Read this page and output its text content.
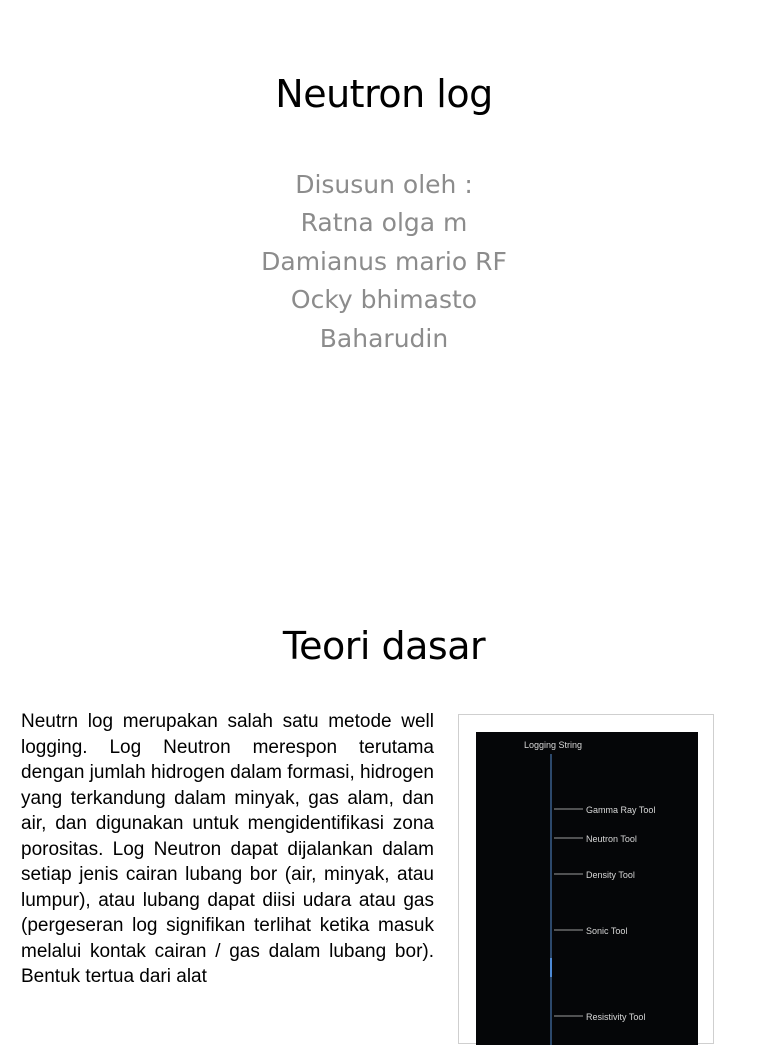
Neutron log
Disusun oleh :
Ratna olga m
Damianus mario RF
Ocky bhimasto
Baharudin
Teori dasar
Neutrn log merupakan salah satu metode well logging. Log Neutron merespon terutama dengan jumlah hidrogen dalam formasi, hidrogen yang terkandung dalam minyak, gas alam, dan air, dan digunakan untuk mengidentifikasi zona porositas. Log Neutron dapat dijalankan dalam setiap jenis cairan lubang bor (air, minyak, atau lumpur), atau lubang dapat diisi udara atau gas (pergeseran log signifikan terlihat ketika masuk melalui kontak cairan / gas dalam lubang bor). Bentuk tertua dari alat
Logging String
Gamma Ray Tool
Neutron Tool
Density Tool
Sonic Tool
Resistivity Tool
